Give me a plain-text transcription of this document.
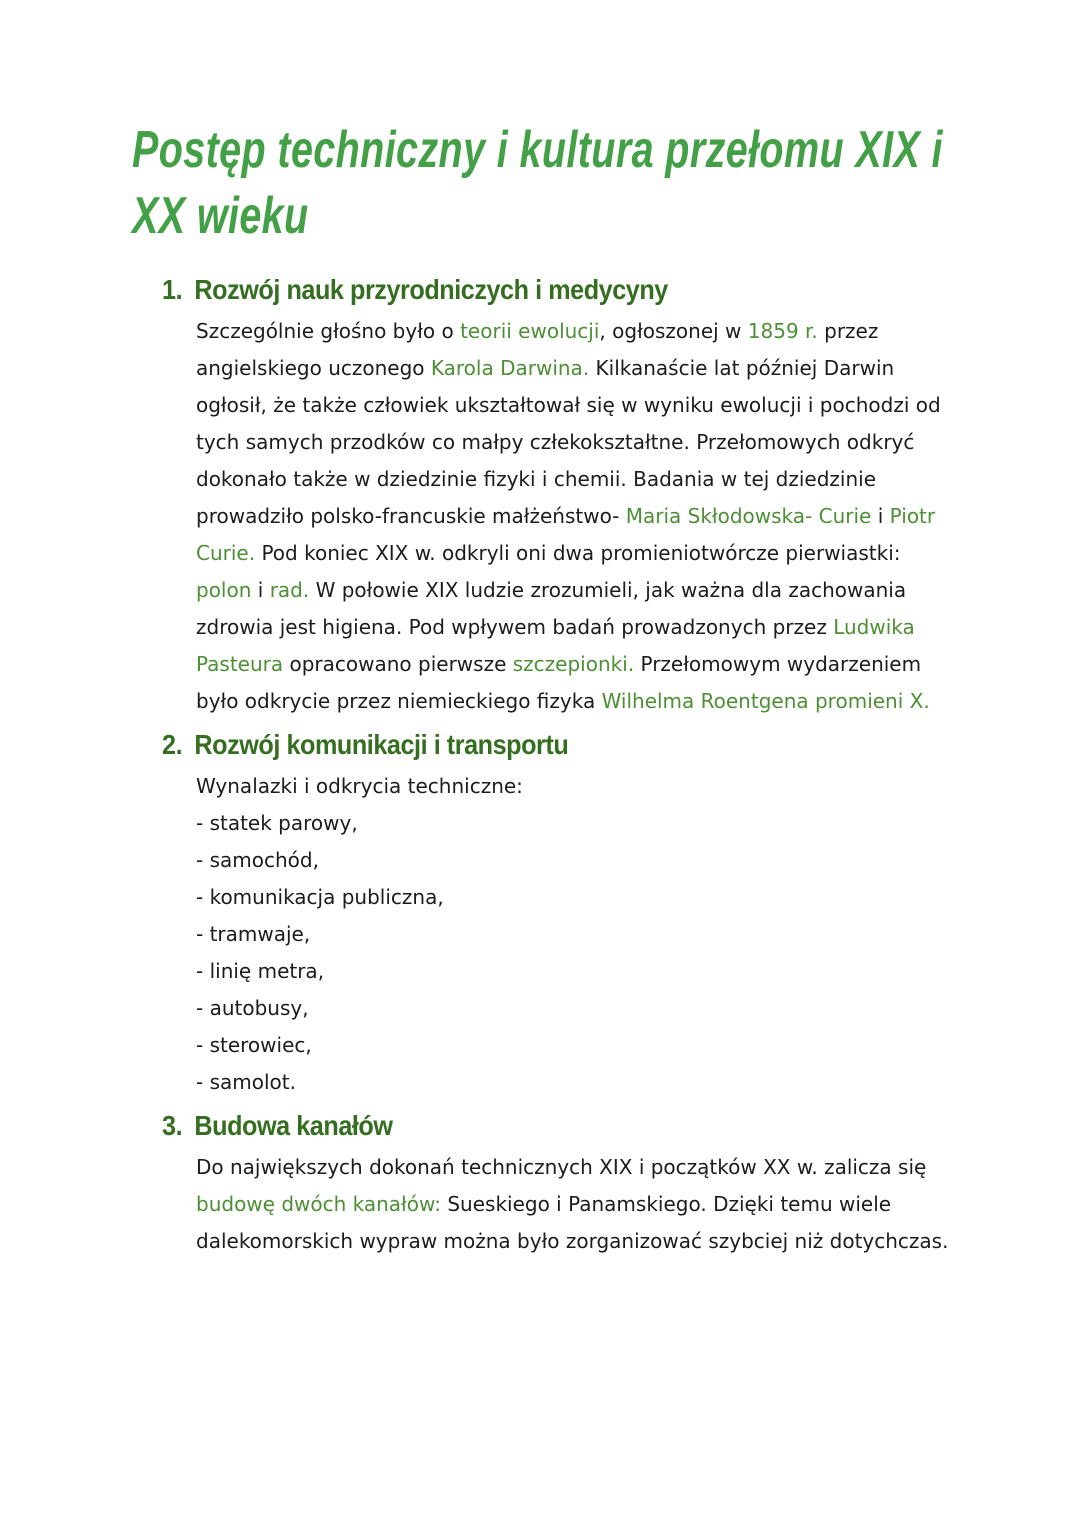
Postęp techniczny i kultura przełomu XIX i
XX wieku
1. Rozwój nauk przyrodniczych i medycyny

Szczególnie głośno było o teorii ewolucji, ogłoszonej w 1859 r. przez angielskiego uczonego Karola Darwina. Kilkanaście lat później Darwin ogłosił, że także człowiek ukształtował się w wyniku ewolucji i pochodzi od tych samych przodków co małpy człekokształtne. Przełomowych odkryć dokonało także w dziedzinie fizyki i chemii. Badania w tej dziedzinie prowadziło polsko-francuskie małżeństwo- Maria Skłodowska- Curie i Piotr Curie. Pod koniec XIX w. odkryli oni dwa promieniotwórcze pierwiastki: polon i rad. W połowie XIX ludzie zrozumieli, jak ważna dla zachowania zdrowia jest higiena. Pod wpływem badań prowadzonych przez Ludwika Pasteura opracowano pierwsze szczepionki. Przełomowym wydarzeniem było odkrycie przez niemieckiego fizyka Wilhelma Roentgena promieni X.

2. Rozwój komunikacji i transportu

Wynalazki i odkrycia techniczne:

- statek parowy,
- samochód,
- komunikacja publiczna,
- tramwaje,
- linię metra,
- autobusy,
- sterowiec,
- samolot.
3. Budowa kanałów

Do największych dokonań technicznych XIX i początków XX w. zalicza się budowę dwóch kanałów: Sueskiego i Panamskiego. Dzięki temu wiele dalekomorskich wypraw można było zorganizować szybciej niż dotychczas.
